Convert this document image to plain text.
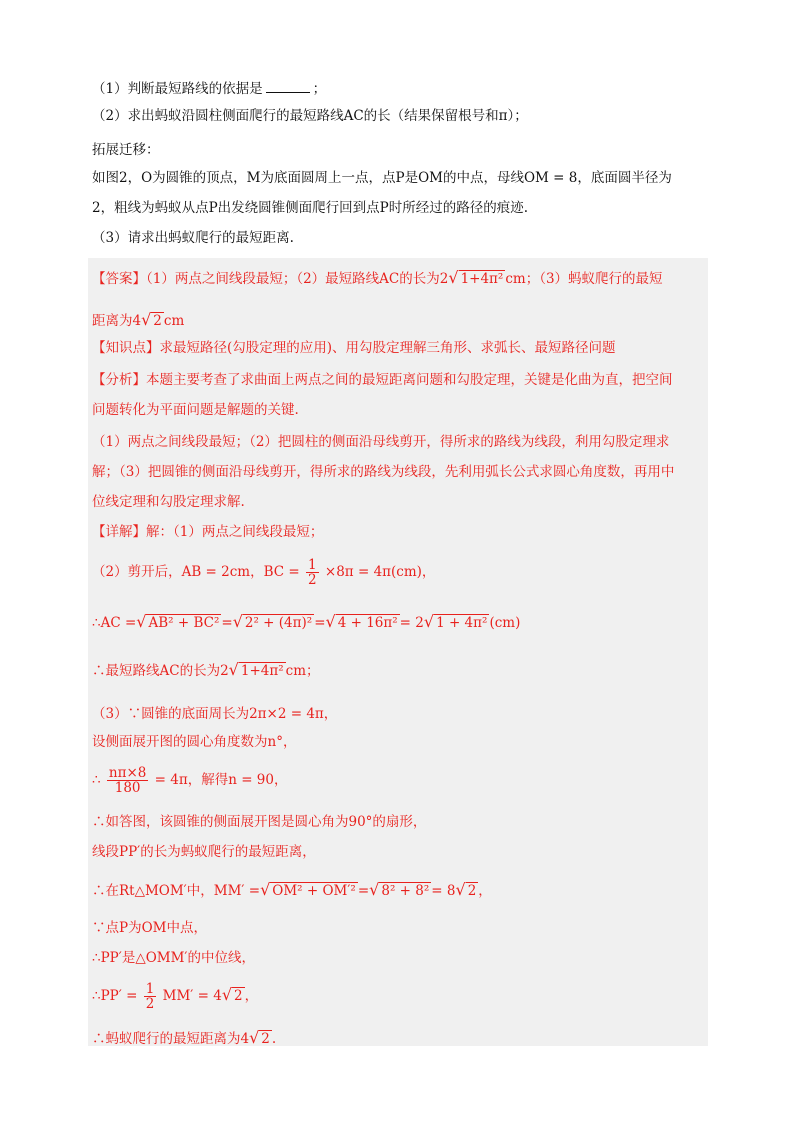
（1）判断最短路线的依据是	；
（2）求出蚂蚁沿圆柱侧面爬行的最短路线AC的长（结果保留根号和π）；
拓展迁移：
如图2，O为圆锥的顶点，M为底面圆周上一点，点P是OM的中点，母线OM = 8，底面圆半径为
2，粗线为蚂蚁从点P出发绕圆锥侧面爬行回到点P时所经过的路径的痕迹.
（3）请求出蚂蚁爬行的最短距离.
【答案】（1）两点之间线段最短；（2）最短路线AC的长为2√ 1+4π² cm；（3）蚂蚁爬行的最短
距离为4√ 2 cm
【知识点】求最短路径(勾股定理的应用)、用勾股定理解三角形、求弧长、最短路径问题
【分析】本题主要考查了求曲面上两点之间的最短距离问题和勾股定理，关键是化曲为直，把空间
问题转化为平面问题是解题的关键.
（1）两点之间线段最短；（2）把圆柱的侧面沿母线剪开，得所求的路线为线段，利用勾股定理求
解；（3）把圆锥的侧面沿母线剪开，得所求的路线为线段，先利用弧长公式求圆心角度数，再用中
位线定理和勾股定理求解.
【详解】解：（1）两点之间线段最短；
（2）剪开后，AB = 2cm，BC = $\frac{1}{2} \times 8\pi = 4\pi(cm)$，
∴AC =√ AB² + BC² =√ 2² + (4π)² =√ 4 + 16π² = 2√ 1 + 4π² (cm)
∴最短路线AC的长为2√ 1+4π² cm；
（3）∵圆锥的底面周长为2π×2 = 4π，
设侧面展开图的圆心角度数为n°，
∴ $\frac{n\pi\times 8}{180} = 4\pi$，解得n = 90，
∴如答图，该圆锥的侧面展开图是圆心角为90°的扇形，
线段PP′的长为蚂蚁爬行的最短距离，
∴在Rt△MOM′中，MM′ =√ OM² + OM′² =√ 8² + 8² = 8√ 2 ，
∵点P为OM中点，
∴PP′是△OMM′的中位线，
∴PP′ = $\frac{1}{2} MM' = 4√$ 2 ，
∴蚂蚁爬行的最短距离为4√ 2 .
